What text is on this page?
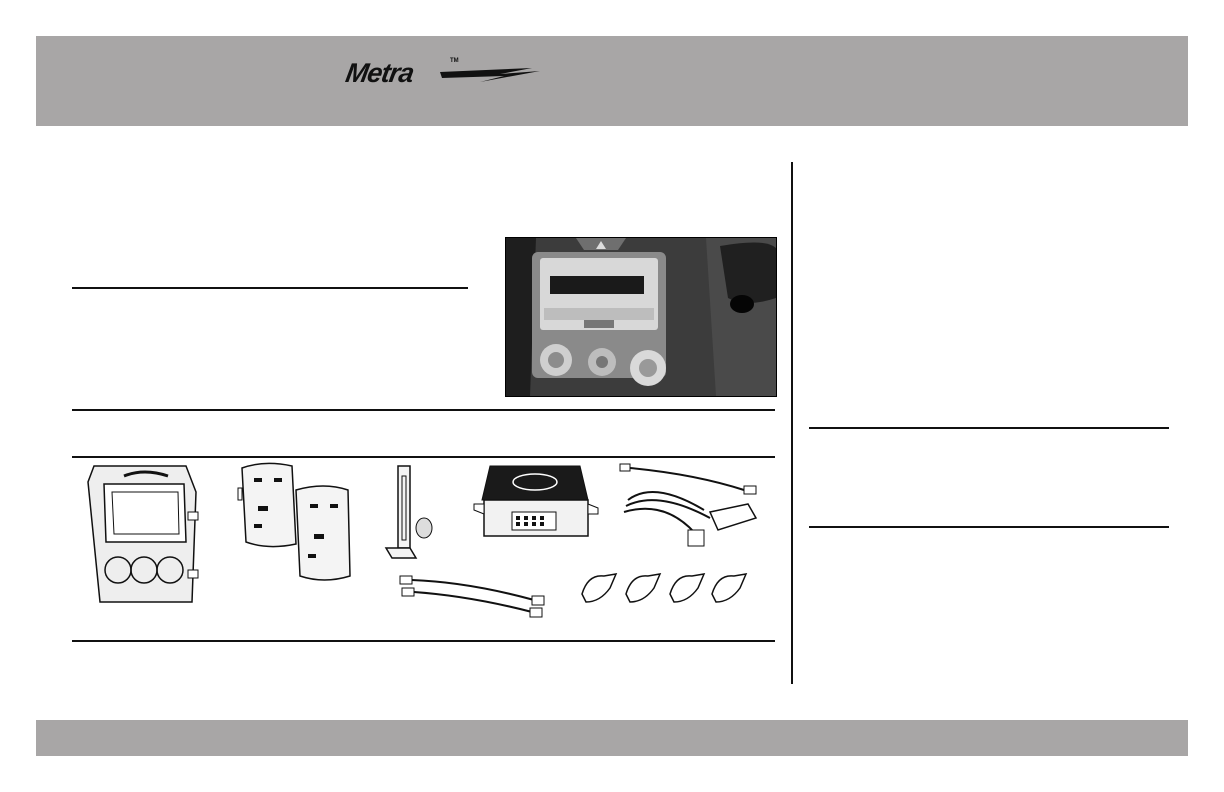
Metra	TM
